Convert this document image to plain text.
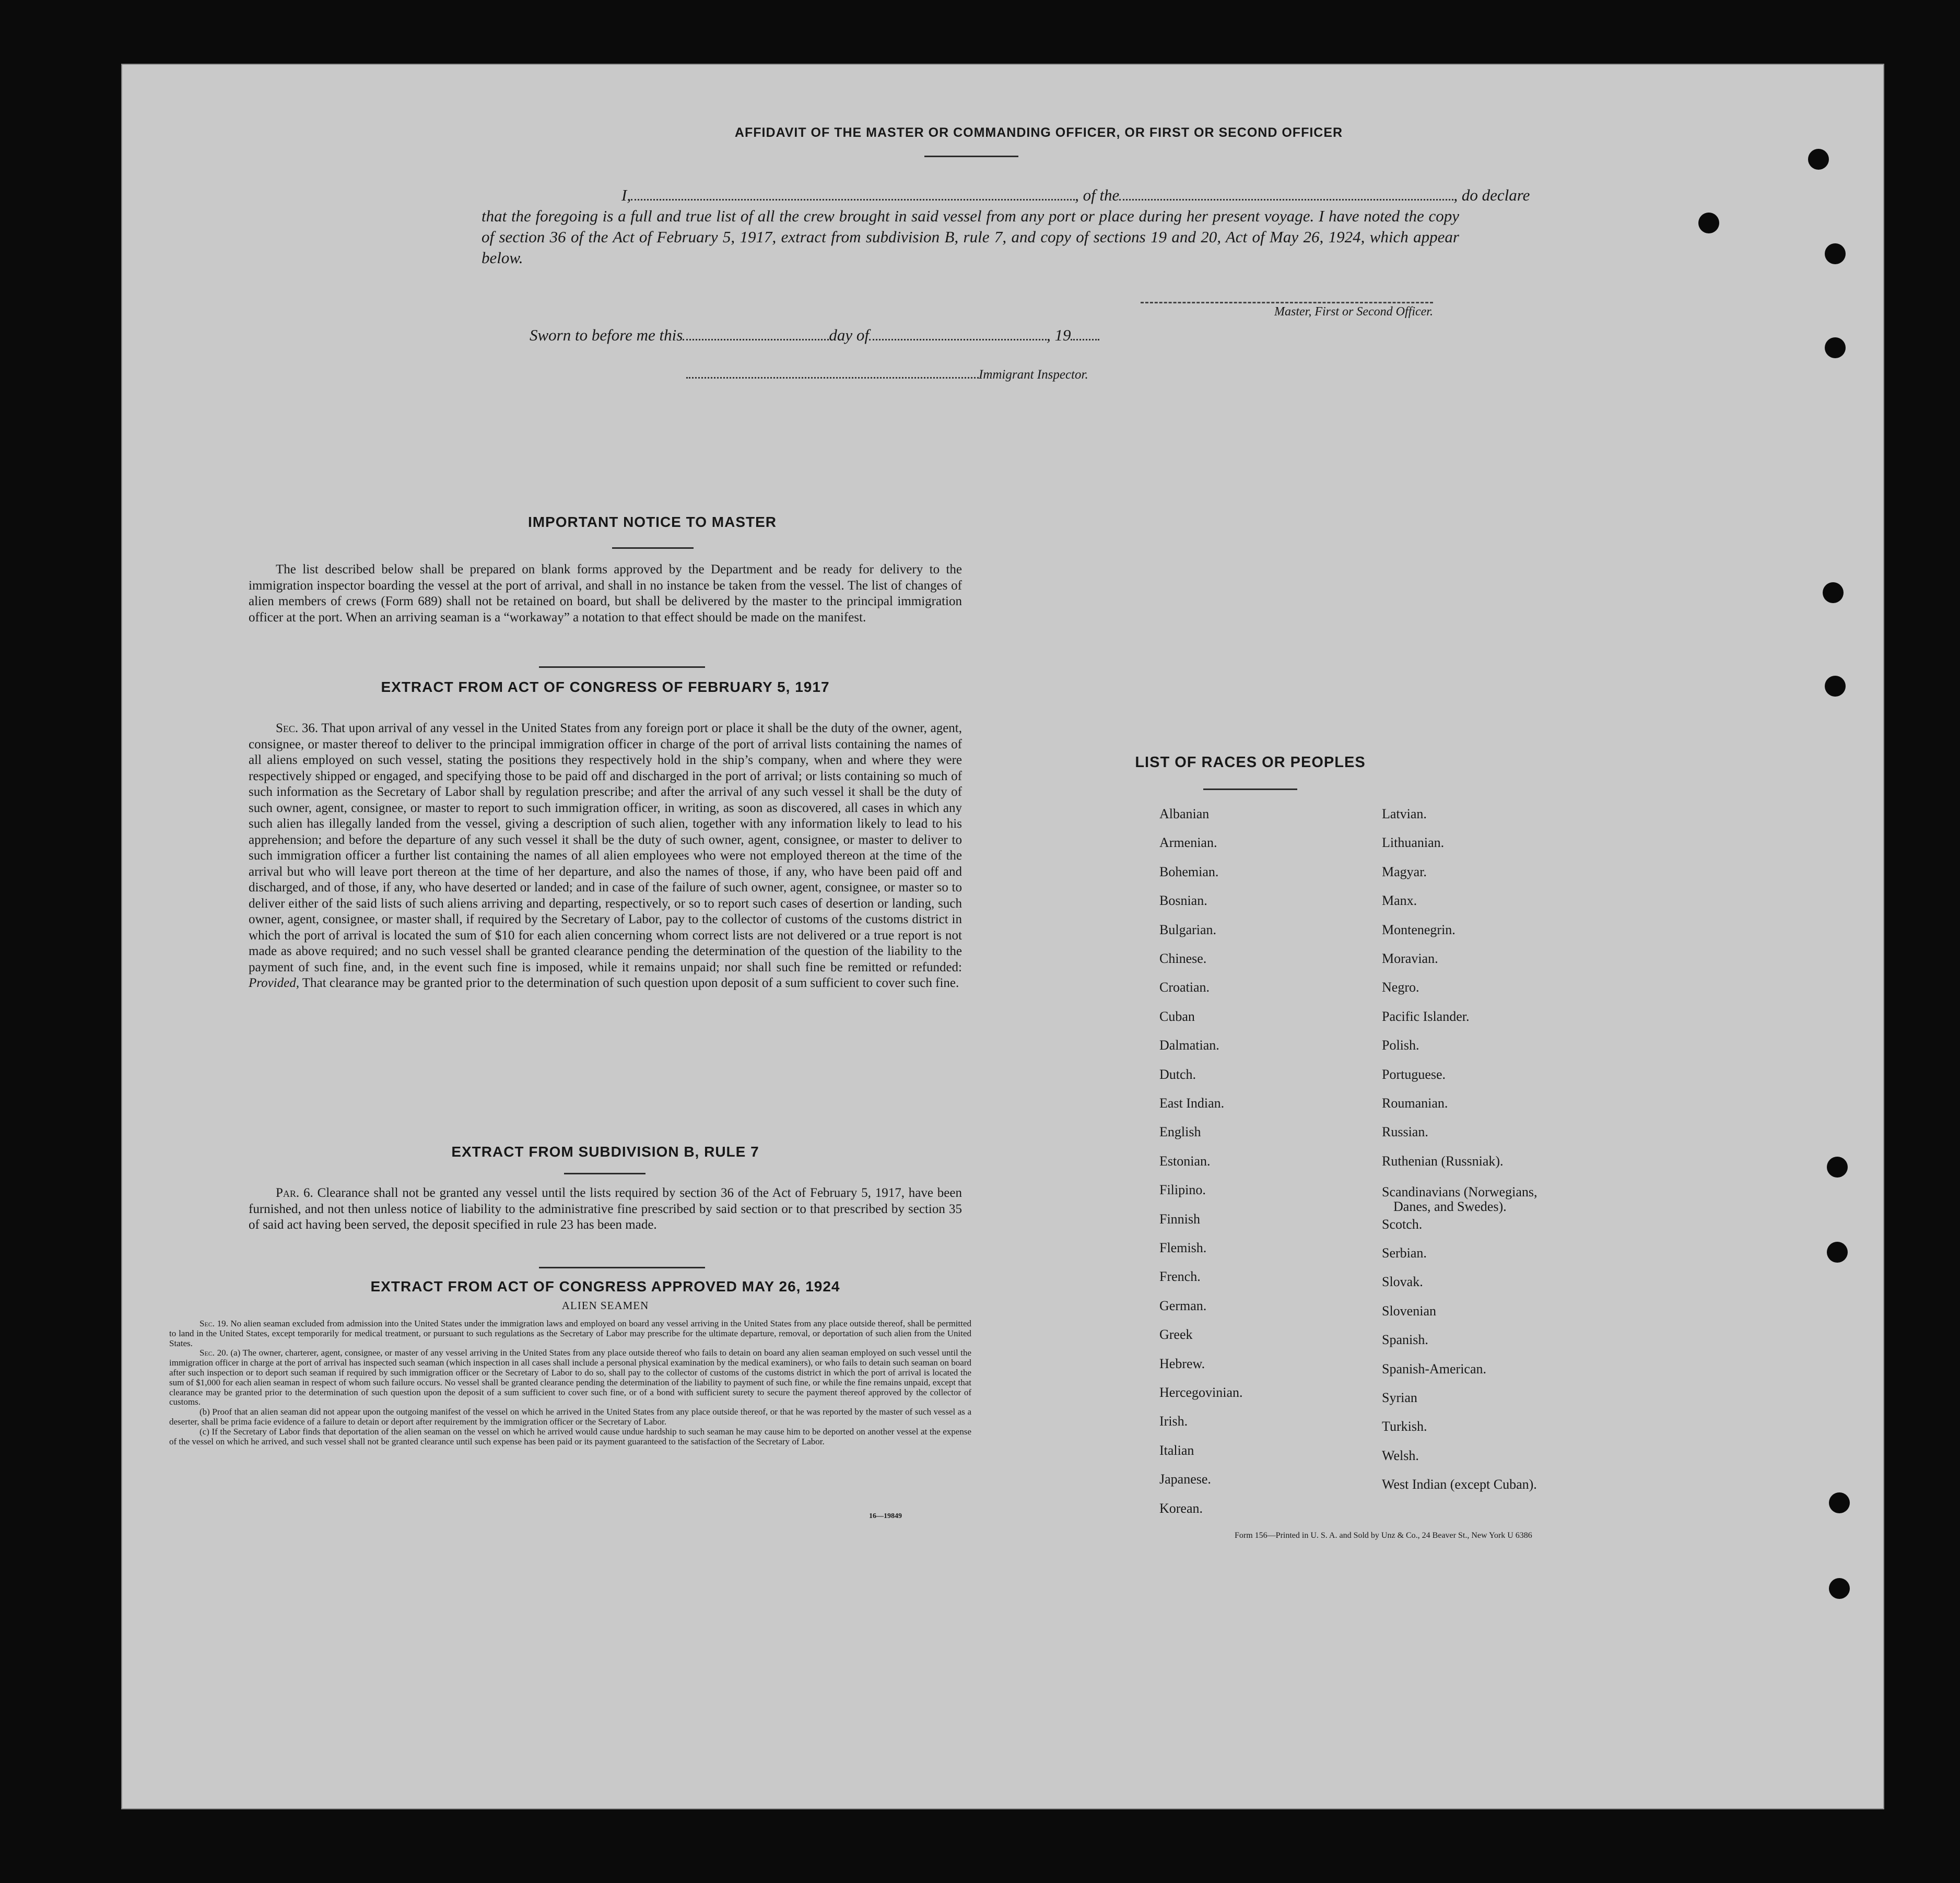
AFFIDAVIT OF THE MASTER OR COMMANDING OFFICER, OR FIRST OR SECOND OFFICER
I,	, of the	, do declare
that the foregoing is a full and true list of all the crew brought in said vessel from any port or place during her present voyage. I have noted the copy of section 36 of the Act of February 5, 1917, extract from subdivision B, rule 7, and copy of sections 19 and 20, Act of May 26, 1924, which appear below.
Master, First or Second Officer.
Sworn to before me this	day of	, 19
Immigrant Inspector.
IMPORTANT NOTICE TO MASTER
The list described below shall be prepared on blank forms approved by the Department and be ready for delivery to the immigration inspector boarding the vessel at the port of arrival, and shall in no instance be taken from the vessel. The list of changes of alien members of crews (Form 689) shall not be retained on board, but shall be delivered by the master to the principal immigration officer at the port. When an arriving seaman is a “workaway” a notation to that effect should be made on the manifest.
EXTRACT FROM ACT OF CONGRESS OF FEBRUARY 5, 1917
Sec. 36. That upon arrival of any vessel in the United States from any foreign port or place it shall be the duty of the owner, agent, consignee, or master thereof to deliver to the principal immigration officer in charge of the port of arrival lists containing the names of all aliens employed on such vessel, stating the positions they respectively hold in the ship’s company, when and where they were respectively shipped or engaged, and specifying those to be paid off and discharged in the port of arrival; or lists containing so much of such information as the Secretary of Labor shall by regulation prescribe; and after the arrival of any such vessel it shall be the duty of such owner, agent, consignee, or master to report to such immigration officer, in writing, as soon as discovered, all cases in which any such alien has illegally landed from the vessel, giving a description of such alien, together with any information likely to lead to his apprehension; and before the departure of any such vessel it shall be the duty of such owner, agent, consignee, or master to deliver to such immigration officer a further list containing the names of all alien employees who were not employed thereon at the time of the arrival but who will leave port thereon at the time of her departure, and also the names of those, if any, who have been paid off and discharged, and of those, if any, who have deserted or landed; and in case of the failure of such owner, agent, consignee, or master so to deliver either of the said lists of such aliens arriving and departing, respectively, or so to report such cases of desertion or landing, such owner, agent, consignee, or master shall, if required by the Secretary of Labor, pay to the collector of customs of the customs district in which the port of arrival is located the sum of $10 for each alien concerning whom correct lists are not delivered or a true report is not made as above required; and no such vessel shall be granted clearance pending the determination of the question of the liability to the payment of such fine, and, in the event such fine is imposed, while it remains unpaid; nor shall such fine be remitted or refunded: Provided, That clearance may be granted prior to the determination of such question upon deposit of a sum sufficient to cover such fine.
EXTRACT FROM SUBDIVISION B, RULE 7
Par. 6. Clearance shall not be granted any vessel until the lists required by section 36 of the Act of February 5, 1917, have been furnished, and not then unless notice of liability to the administrative fine prescribed by said section or to that prescribed by section 35 of said act having been served, the deposit specified in rule 23 has been made.
EXTRACT FROM ACT OF CONGRESS APPROVED MAY 26, 1924
ALIEN SEAMEN
Sec. 19. No alien seaman excluded from admission into the United States under the immigration laws and employed on board any vessel arriving in the United States from any place outside thereof, shall be permitted to land in the United States, except temporarily for medical treatment, or pursuant to such regulations as the Secretary of Labor may prescribe for the ultimate departure, removal, or deportation of such alien from the United States.
Sec. 20. (a) The owner, charterer, agent, consignee, or master of any vessel arriving in the United States from any place outside thereof who fails to detain on board any alien seaman employed on such vessel until the immigration officer in charge at the port of arrival has inspected such seaman (which inspection in all cases shall include a personal physical examination by the medical examiners), or who fails to detain such seaman on board after such inspection or to deport such seaman if required by such immigration officer or the Secretary of Labor to do so, shall pay to the collector of customs of the customs district in which the port of arrival is located the sum of $1,000 for each alien seaman in respect of whom such failure occurs. No vessel shall be granted clearance pending the determination of the liability to payment of such fine, or while the fine remains unpaid, except that clearance may be granted prior to the determination of such question upon the deposit of a sum sufficient to cover such fine, or of a bond with sufficient surety to secure the payment thereof approved by the collector of customs.
(b) Proof that an alien seaman did not appear upon the outgoing manifest of the vessel on which he arrived in the United States from any place outside thereof, or that he was reported by the master of such vessel as a deserter, shall be prima facie evidence of a failure to detain or deport after requirement by the immigration officer or the Secretary of Labor.
(c) If the Secretary of Labor finds that deportation of the alien seaman on the vessel on which he arrived would cause undue hardship to such seaman he may cause him to be deported on another vessel at the expense of the vessel on which he arrived, and such vessel shall not be granted clearance until such expense has been paid or its payment guaranteed to the satisfaction of the Secretary of Labor.
16—19849
LIST OF RACES OR PEOPLES
Albanian
Armenian.
Bohemian.
Bosnian.
Bulgarian.
Chinese.
Croatian.
Cuban
Dalmatian.
Dutch.
East Indian.
English
Estonian.
Filipino.
Finnish
Flemish.
French.
German.
Greek
Hebrew.
Hercegovinian.
Irish.
Italian
Japanese.
Korean.
Latvian.
Lithuanian.
Magyar.
Manx.
Montenegrin.
Moravian.
Negro.
Pacific Islander.
Polish.
Portuguese.
Roumanian.
Russian.
Ruthenian (Russniak).
Scandinavians (Norwegians,
Danes, and Swedes).
Scotch.
Serbian.
Slovak.
Slovenian
Spanish.
Spanish-American.
Syrian
Turkish.
Welsh.
West Indian (except Cuban).
Form 156—Printed in U. S. A. and Sold by Unz & Co., 24 Beaver St., New York U 6386
